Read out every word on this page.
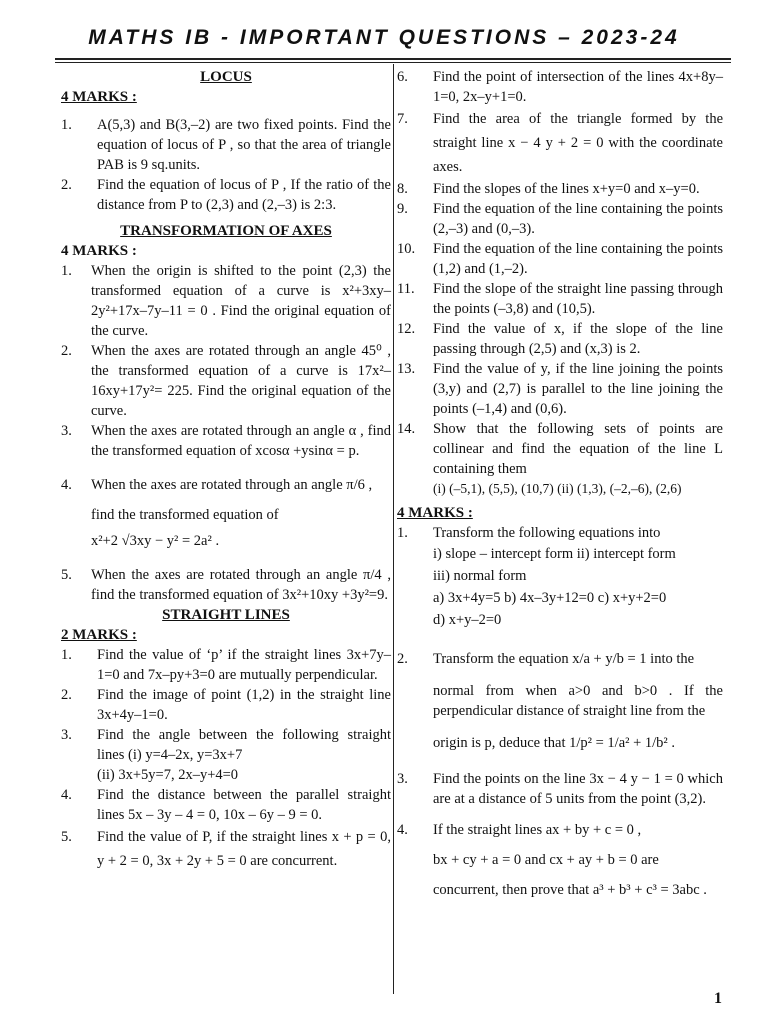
MATHS IB - IMPORTANT QUESTIONS – 2023-24
LOCUS
4 MARKS :
1. A(5,3) and B(3,–2) are two fixed points. Find the equation of locus of P , so that the area of triangle PAB is 9 sq.units.
2. Find the equation of locus of P , If the ratio of the distance from P to (2,3) and (2,–3) is 2:3.
TRANSFORMATION OF AXES
4 MARKS :
1. When the origin is shifted to the point (2,3) the transformed equation of a curve is x²+3xy–2y²+17x–7y–11 = 0 . Find the original equation of the curve.
2. When the axes are rotated through an angle 45⁰ , the transformed equation of a curve is 17x²–16xy+17y²= 225. Find the original equation of the curve.
3. When the axes are rotated through an angle α , find the transformed equation of xcosα +ysinα = p.
4. When the axes are rotated through an angle π/6 ,
find the transformed equation of
x²+2 √3xy − y² = 2a² .
5. When the axes are rotated through an angle π/4 , find the transformed equation of 3x²+10xy +3y²=9.
STRAIGHT LINES
2 MARKS :
1. Find the value of ‘p’ if the straight lines 3x+7y–1=0 and 7x–py+3=0 are mutually perpendicular.
2. Find the image of point (1,2) in the straight line 3x+4y–1=0.
3. Find the angle between the following straight lines (i) y=4–2x, y=3x+7
(ii) 3x+5y=7, 2x–y+4=0
4. Find the distance between the parallel straight lines 5x – 3y – 4 = 0, 10x – 6y – 9 = 0.
5. Find the value of P, if the straight lines x + p = 0, y + 2 = 0, 3x + 2y + 5 = 0 are concurrent.
6. Find the point of intersection of the lines 4x+8y–1=0, 2x–y+1=0.
7. Find the area of the triangle formed by the straight line x − 4 y + 2 = 0 with the coordinate axes.
8. Find the slopes of the lines x+y=0 and x–y=0.
9. Find the equation of the line containing the points (2,–3) and (0,–3).
10. Find the equation of the line containing the points (1,2) and (1,–2).
11. Find the slope of the straight line passing through the points (–3,8) and (10,5).
12. Find the value of x, if the slope of the line passing through (2,5) and (x,3) is 2.
13. Find the value of y, if the line joining the points (3,y) and (2,7) is parallel to the line joining the points (–1,4) and (0,6).
14. Show that the following sets of points are collinear and find the equation of the line L containing them
(i) (–5,1), (5,5), (10,7) (ii) (1,3), (–2,–6), (2,6)
4 MARKS :
1. Transform the following equations into
i) slope – intercept form ii) intercept form
iii) normal form
a) 3x+4y=5 b) 4x–3y+12=0 c) x+y+2=0
d) x+y–2=0
2. Transform the equation x/a + y/b = 1 into the
normal from when a>0 and b>0 . If the perpendicular distance of straight line from the
origin is p, deduce that 1/p² = 1/a² + 1/b² .
3. Find the points on the line 3x − 4 y − 1 = 0 which are at a distance of 5 units from the point (3,2).
4. If the straight lines ax + by + c = 0 ,
bx + cy + a = 0 and cx + ay + b = 0 are
concurrent, then prove that a³ + b³ + c³ = 3abc .
1
